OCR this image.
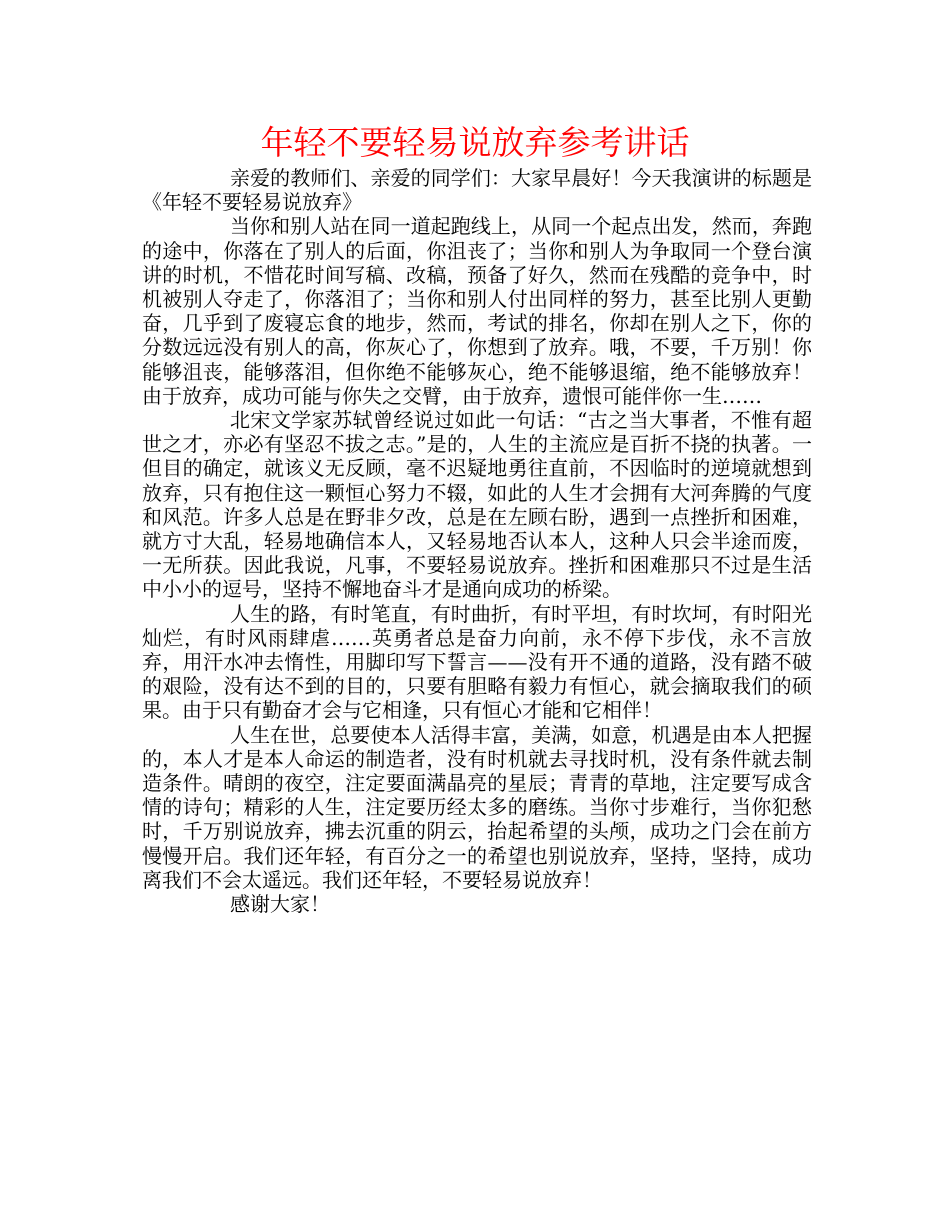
年轻不要轻易说放弃参考讲话

亲爱的教师们、亲爱的同学们：大家早晨好！今天我演讲的标题是《年轻不要轻易说放弃》

当你和别人站在同一道起跑线上，从同一个起点出发，然而，奔跑的途中，你落在了别人的后面，你沮丧了；当你和别人为争取同一个登台演讲的时机，不惜花时间写稿、改稿，预备了好久，然而在残酷的竞争中，时机被别人夺走了，你落泪了；当你和别人付出同样的努力，甚至比别人更勤奋，几乎到了废寝忘食的地步，然而，考试的排名，你却在别人之下，你的分数远远没有别人的高，你灰心了，你想到了放弃。哦，不要，千万别！你能够沮丧，能够落泪，但你绝不能够灰心，绝不能够退缩，绝不能够放弃！由于放弃，成功可能与你失之交臂，由于放弃，遗恨可能伴你一生……

北宋文学家苏轼曾经说过如此一句话：“古之当大事者，不惟有超世之才，亦必有坚忍不拔之志。”是的，人生的主流应是百折不挠的执著。一但目的确定，就该义无反顾，毫不迟疑地勇往直前，不因临时的逆境就想到放弃，只有抱住这一颗恒心努力不辍，如此的人生才会拥有大河奔腾的气度和风范。许多人总是在野非夕改，总是在左顾右盼，遇到一点挫折和困难，就方寸大乱，轻易地确信本人，又轻易地否认本人，这种人只会半途而废，一无所获。因此我说，凡事，不要轻易说放弃。挫折和困难那只不过是生活中小小的逗号，坚持不懈地奋斗才是通向成功的桥梁。

人生的路，有时笔直，有时曲折，有时平坦，有时坎坷，有时阳光灿烂，有时风雨肆虐……英勇者总是奋力向前，永不停下步伐，永不言放弃，用汗水冲去惰性，用脚印写下誓言——没有开不通的道路，没有踏不破的艰险，没有达不到的目的，只要有胆略有毅力有恒心，就会摘取我们的硕果。由于只有勤奋才会与它相逢，只有恒心才能和它相伴！

人生在世，总要使本人活得丰富，美满，如意，机遇是由本人把握的，本人才是本人命运的制造者，没有时机就去寻找时机，没有条件就去制造条件。晴朗的夜空，注定要面满晶亮的星辰；青青的草地，注定要写成含情的诗句；精彩的人生，注定要历经太多的磨练。当你寸步难行，当你犯愁时，千万别说放弃，拂去沉重的阴云，抬起希望的头颅，成功之门会在前方慢慢开启。我们还年轻，有百分之一的希望也别说放弃，坚持，坚持，成功离我们不会太遥远。我们还年轻，不要轻易说放弃！

感谢大家！
